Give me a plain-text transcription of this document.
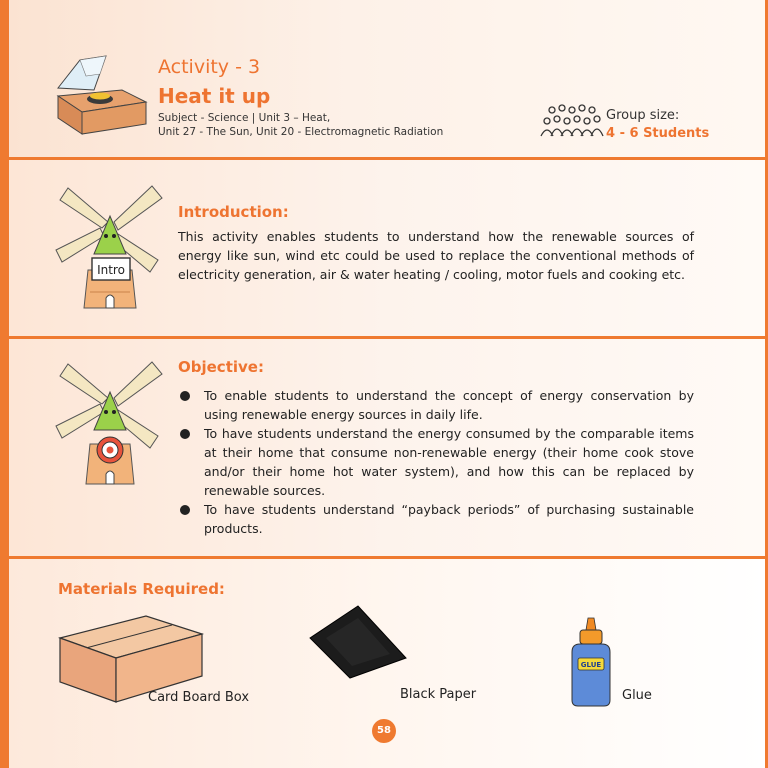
Activity - 3
Heat it up
Subject - Science | Unit 3 – Heat,
Unit 27 - The Sun, Unit 20 - Electromagnetic Radiation
Group size:
4 - 6 Students
Intro
Introduction:
This activity enables students to understand how the renewable sources of energy like sun, wind etc could be used to replace the conventional methods of electricity generation, air & water heating / cooling, motor fuels and cooking etc.
Objective:
To enable students to understand the concept of energy conservation by using renewable energy sources in daily life.
To have students understand the energy consumed by the comparable items at their home that consume non-renewable energy (their home cook stove and/or their home hot water system), and how this can be replaced by renewable sources.
To have students understand “payback periods” of purchasing sustainable products.
Materials Required:
Card Board Box	Black Paper
GLUE
Glue
58
